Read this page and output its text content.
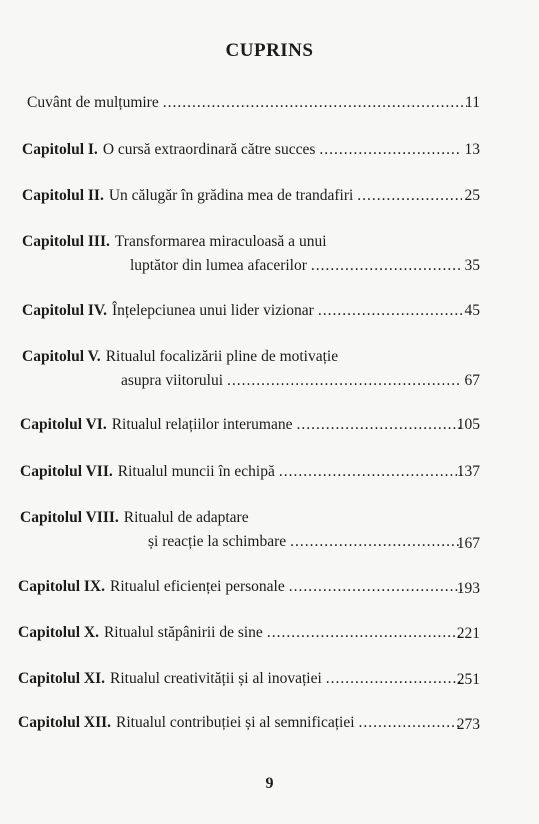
CUPRINS
Cuvânt de mulțumire .....	11
Capitolul I. O cursă extraordinară către succes .....	13
Capitolul II. Un călugăr în grădina mea de trandafiri .....	25
Capitolul III. Transformarea miraculoasă a unui
luptător din lumea afacerilor .....	35
Capitolul IV. Înțelepciunea unui lider vizionar .....	45
Capitolul V. Ritualul focalizării pline de motivație
asupra viitorului .....	67
Capitolul VI. Ritualul relațiilor interumane .....	105
Capitolul VII. Ritualul muncii în echipă .....	137
Capitolul VIII. Ritualul de adaptare
și reacție la schimbare .....	167
Capitolul IX. Ritualul eficienței personale .....	193
Capitolul X. Ritualul stăpânirii de sine .....	221
Capitolul XI. Ritualul creativității și al inovației .....	251
Capitolul XII. Ritualul contribuției și al semnificației .....	273
9
